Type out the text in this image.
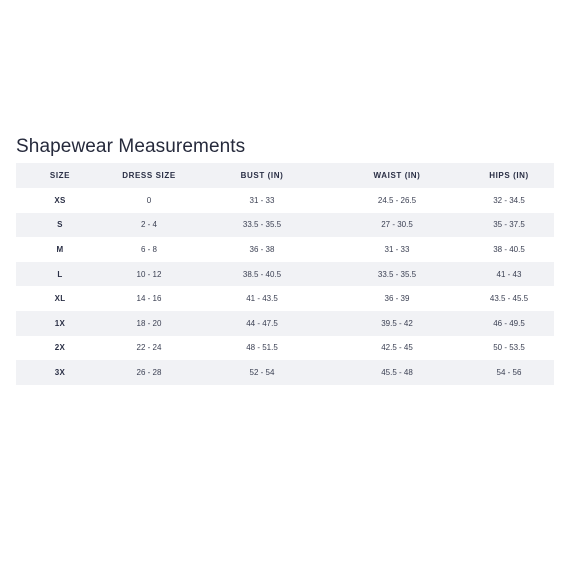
Shapewear Measurements
SIZE	DRESS SIZE	BUST (IN)	WAIST (IN)	HIPS (IN)
XS	0	31 - 33	24.5 - 26.5	32 - 34.5
S	2 - 4	33.5 - 35.5	27 - 30.5	35 - 37.5
M	6 - 8	36 - 38	31 - 33	38 - 40.5
L	10 - 12	38.5 - 40.5	33.5 - 35.5	41 - 43
XL	14 - 16	41 - 43.5	36 - 39	43.5 - 45.5
1X	18 - 20	44 - 47.5	39.5 - 42	46 - 49.5
2X	22 - 24	48 - 51.5	42.5 - 45	50 - 53.5
3X	26 - 28	52 - 54	45.5 - 48	54 - 56
